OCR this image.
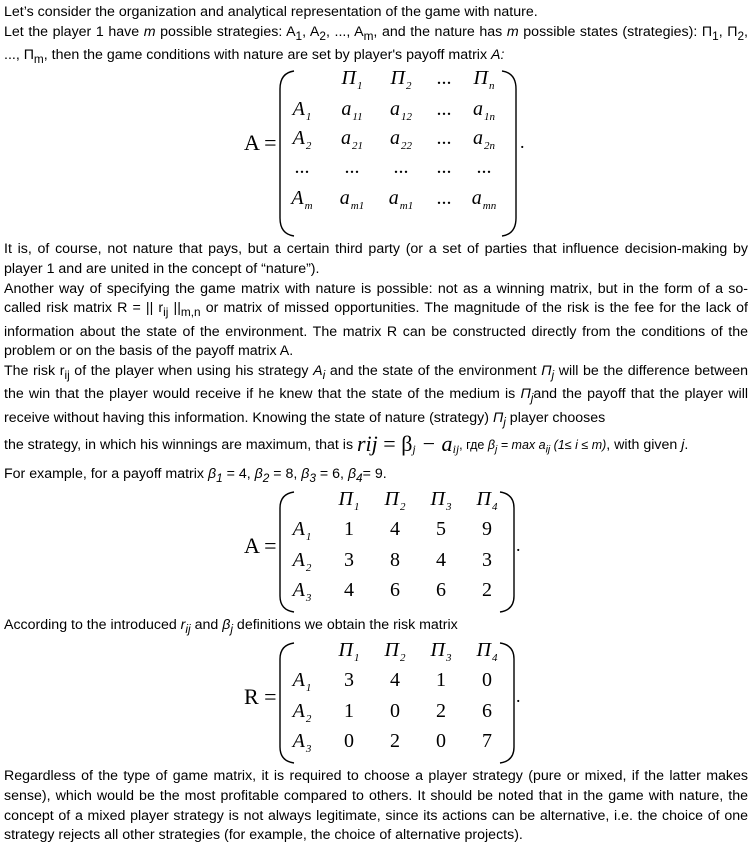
Let’s consider the organization and analytical representation of the game with nature.

Let the player 1 have m possible strategies: $A_1$, $A_2$, ..., $A_m$, and the nature has m possible states (strategies): $П_1$, $П_2$, ..., $П_m$, then the game conditions with nature are set by player's payoff matrix A:

A =
$П_1$ $П_2$ ... $П_n$
$A_1$ $a_{11}$ $a_{12}$ ... $a_{1n}$
$A_2$ $a_{21}$ $a_{22}$ ... $a_{2n}$
... ... ... ... ...
$A_m$ $a_{m1}$ $a_{m1}$ ... $a_{mn}$
.

It is, of course, not nature that pays, but a certain third party (or a set of parties that influence decision-making by player 1 and are united in the concept of “nature”).

Another way of specifying the game matrix with nature is possible: not as a winning matrix, but in the form of a so-called risk matrix R = || $r_{ij}$ $||_{m,n}$ or matrix of missed opportunities. The magnitude of the risk is the fee for the lack of information about the state of the environment. The matrix R can be constructed directly from the conditions of the problem or on the basis of the payoff matrix A.

The risk $r_{ij}$ of the player when using his strategy $A_i$ and the state of the environment $П_j$ will be the difference between the win that the player would receive if he knew that the state of the medium is $П_jand$ the payoff that the player will receive without having this information. Knowing the state of nature (strategy) $П_j$ player chooses

the strategy, in which his winnings are maximum, that is rij = $\beta_j - a_{ij}$, где $\beta_j = \max a_{ij}$ (1≤ i ≤ m), with given j.

For example, for a payoff matrix $\beta_1 = 4$, $\beta_2 = 8$, $\beta_3 = 6$, $\beta_4= 9$.

A =
$П_1$ $П_2$ $П_3$ $П_4$
$A_1$ 1 4 5 9
$A_2$ 3 8 4 3
$A_3$ 4 6 6 2
.

According to the introduced $r_{ij}$ and $\beta_j$ definitions we obtain the risk matrix

R =
$П_1$ $П_2$ $П_3$ $П_4$
$A_1$ 3 4 1 0
$A_2$ 1 0 2 6
$A_3$ 0 2 0 7
.

Regardless of the type of game matrix, it is required to choose a player strategy (pure or mixed, if the latter makes sense), which would be the most profitable compared to others. It should be noted that in the game with nature, the concept of a mixed player strategy is not always legitimate, since its actions can be alternative, i.e. the choice of one strategy rejects all other strategies (for example, the choice of alternative projects).
